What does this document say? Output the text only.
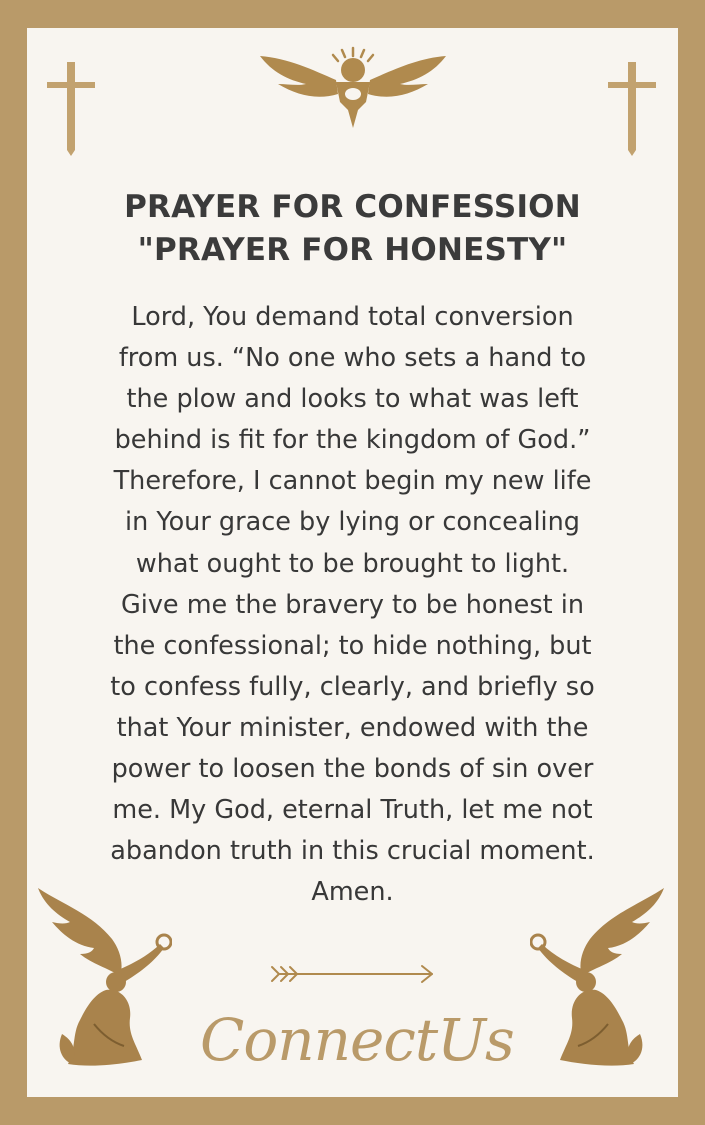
PRAYER FOR CONFESSION
"PRAYER FOR HONESTY"
Lord, You demand total conversion
from us. “No one who sets a hand to
the plow and looks to what was left
behind is fit for the kingdom of God.”
Therefore, I cannot begin my new life
in Your grace by lying or concealing
what ought to be brought to light.
Give me the bravery to be honest in
the confessional; to hide nothing, but
to confess fully, clearly, and briefly so
that Your minister, endowed with the
power to loosen the bonds of sin over
me. My God, eternal Truth, let me not
abandon truth in this crucial moment.
Amen.
ConnectUs
